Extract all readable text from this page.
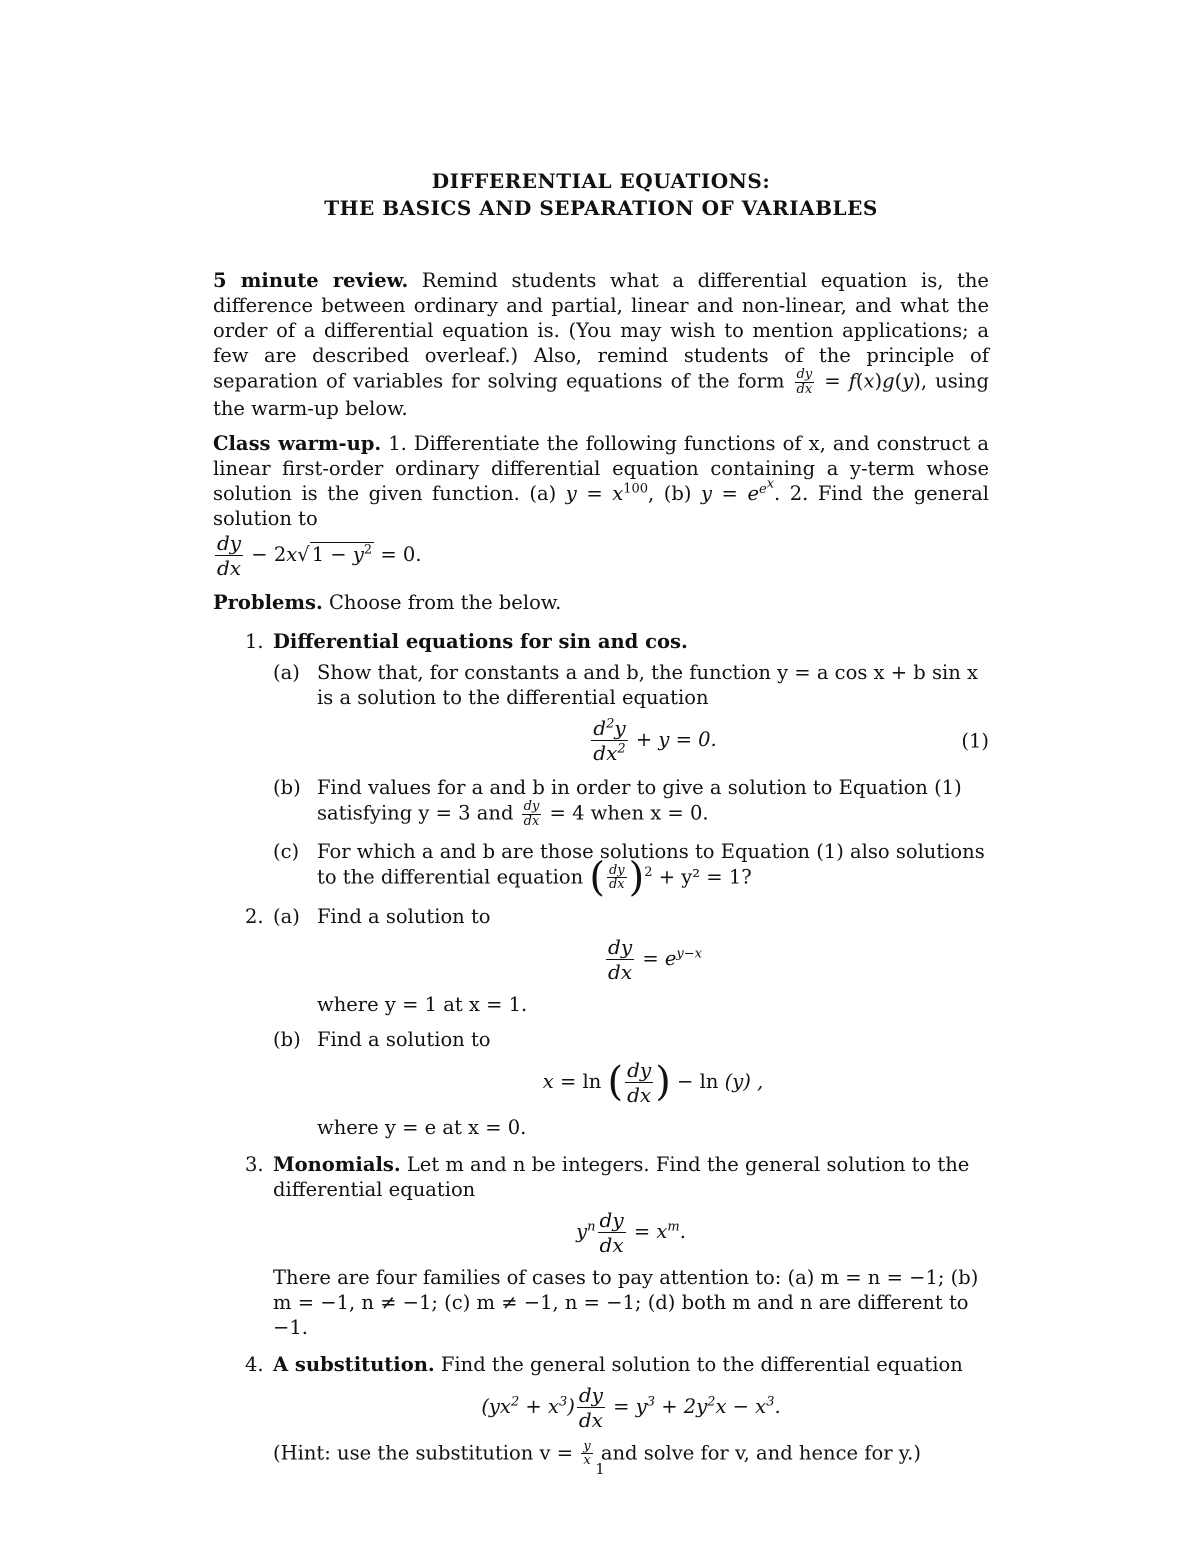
DIFFERENTIAL EQUATIONS:
THE BASICS AND SEPARATION OF VARIABLES

5 minute review. Remind students what a differential equation is, the difference between ordinary and partial, linear and non-linear, and what the order of a differential equation is. (You may wish to mention applications; a few are described overleaf.) Also, remind students of the principle of separation of variables for solving equations of the form $\frac{dy}{dx} = f(x)g(y)$, using the warm-up below.

Class warm-up. 1. Differentiate the following functions of x, and construct a linear first-order ordinary differential equation containing a y-term whose solution is the given function. (a) $y = x^{100}$, (b) $y = e^{e^x}$. 2. Find the general solution to

$\frac{dy}{dx} - 2x√$ $1 - y^2 = 0$.

Problems. Choose from the below.

1. Differential equations for sin and cos.
(a) Show that, for constants a and b, the function y = a cos x + b sin x is a solution to the differential equation
$\frac{d^2y}{dx^2} + y = 0$.	(1)
(b) Find values for a and b in order to give a solution to Equation (1) satisfying y = 3 and $\frac{dy}{dx} = 4$ when x = 0.
(c) For which a and b are those solutions to Equation (1) also solutions to the differential equation ( $\frac{dy}{dx} )^2 + y^2 = 1$?
2. (a) Find a solution to
$\frac{dy}{dx} = e^{y-x}$
where y = 1 at x = 1.
(b) Find a solution to
x = ln ( $\frac{dy}{dx}$ ) − ln (y) ,
where y = e at x = 0.
3. Monomials. Let m and n be integers. Find the general solution to the differential equation
$y^n \frac{dy}{dx} = x^m$.
There are four families of cases to pay attention to: (a) m = n = −1; (b) m = −1, n ≠ −1; (c) m ≠ −1, n = −1; (d) both m and n are different to −1.
4. A substitution. Find the general solution to the differential equation
$(yx^2 + x^3) \frac{dy}{dx} = y^3 + 2y^2x - x^3$.
(Hint: use the substitution $v = \frac{y}{x}$ and solve for v, and hence for y.)
1
